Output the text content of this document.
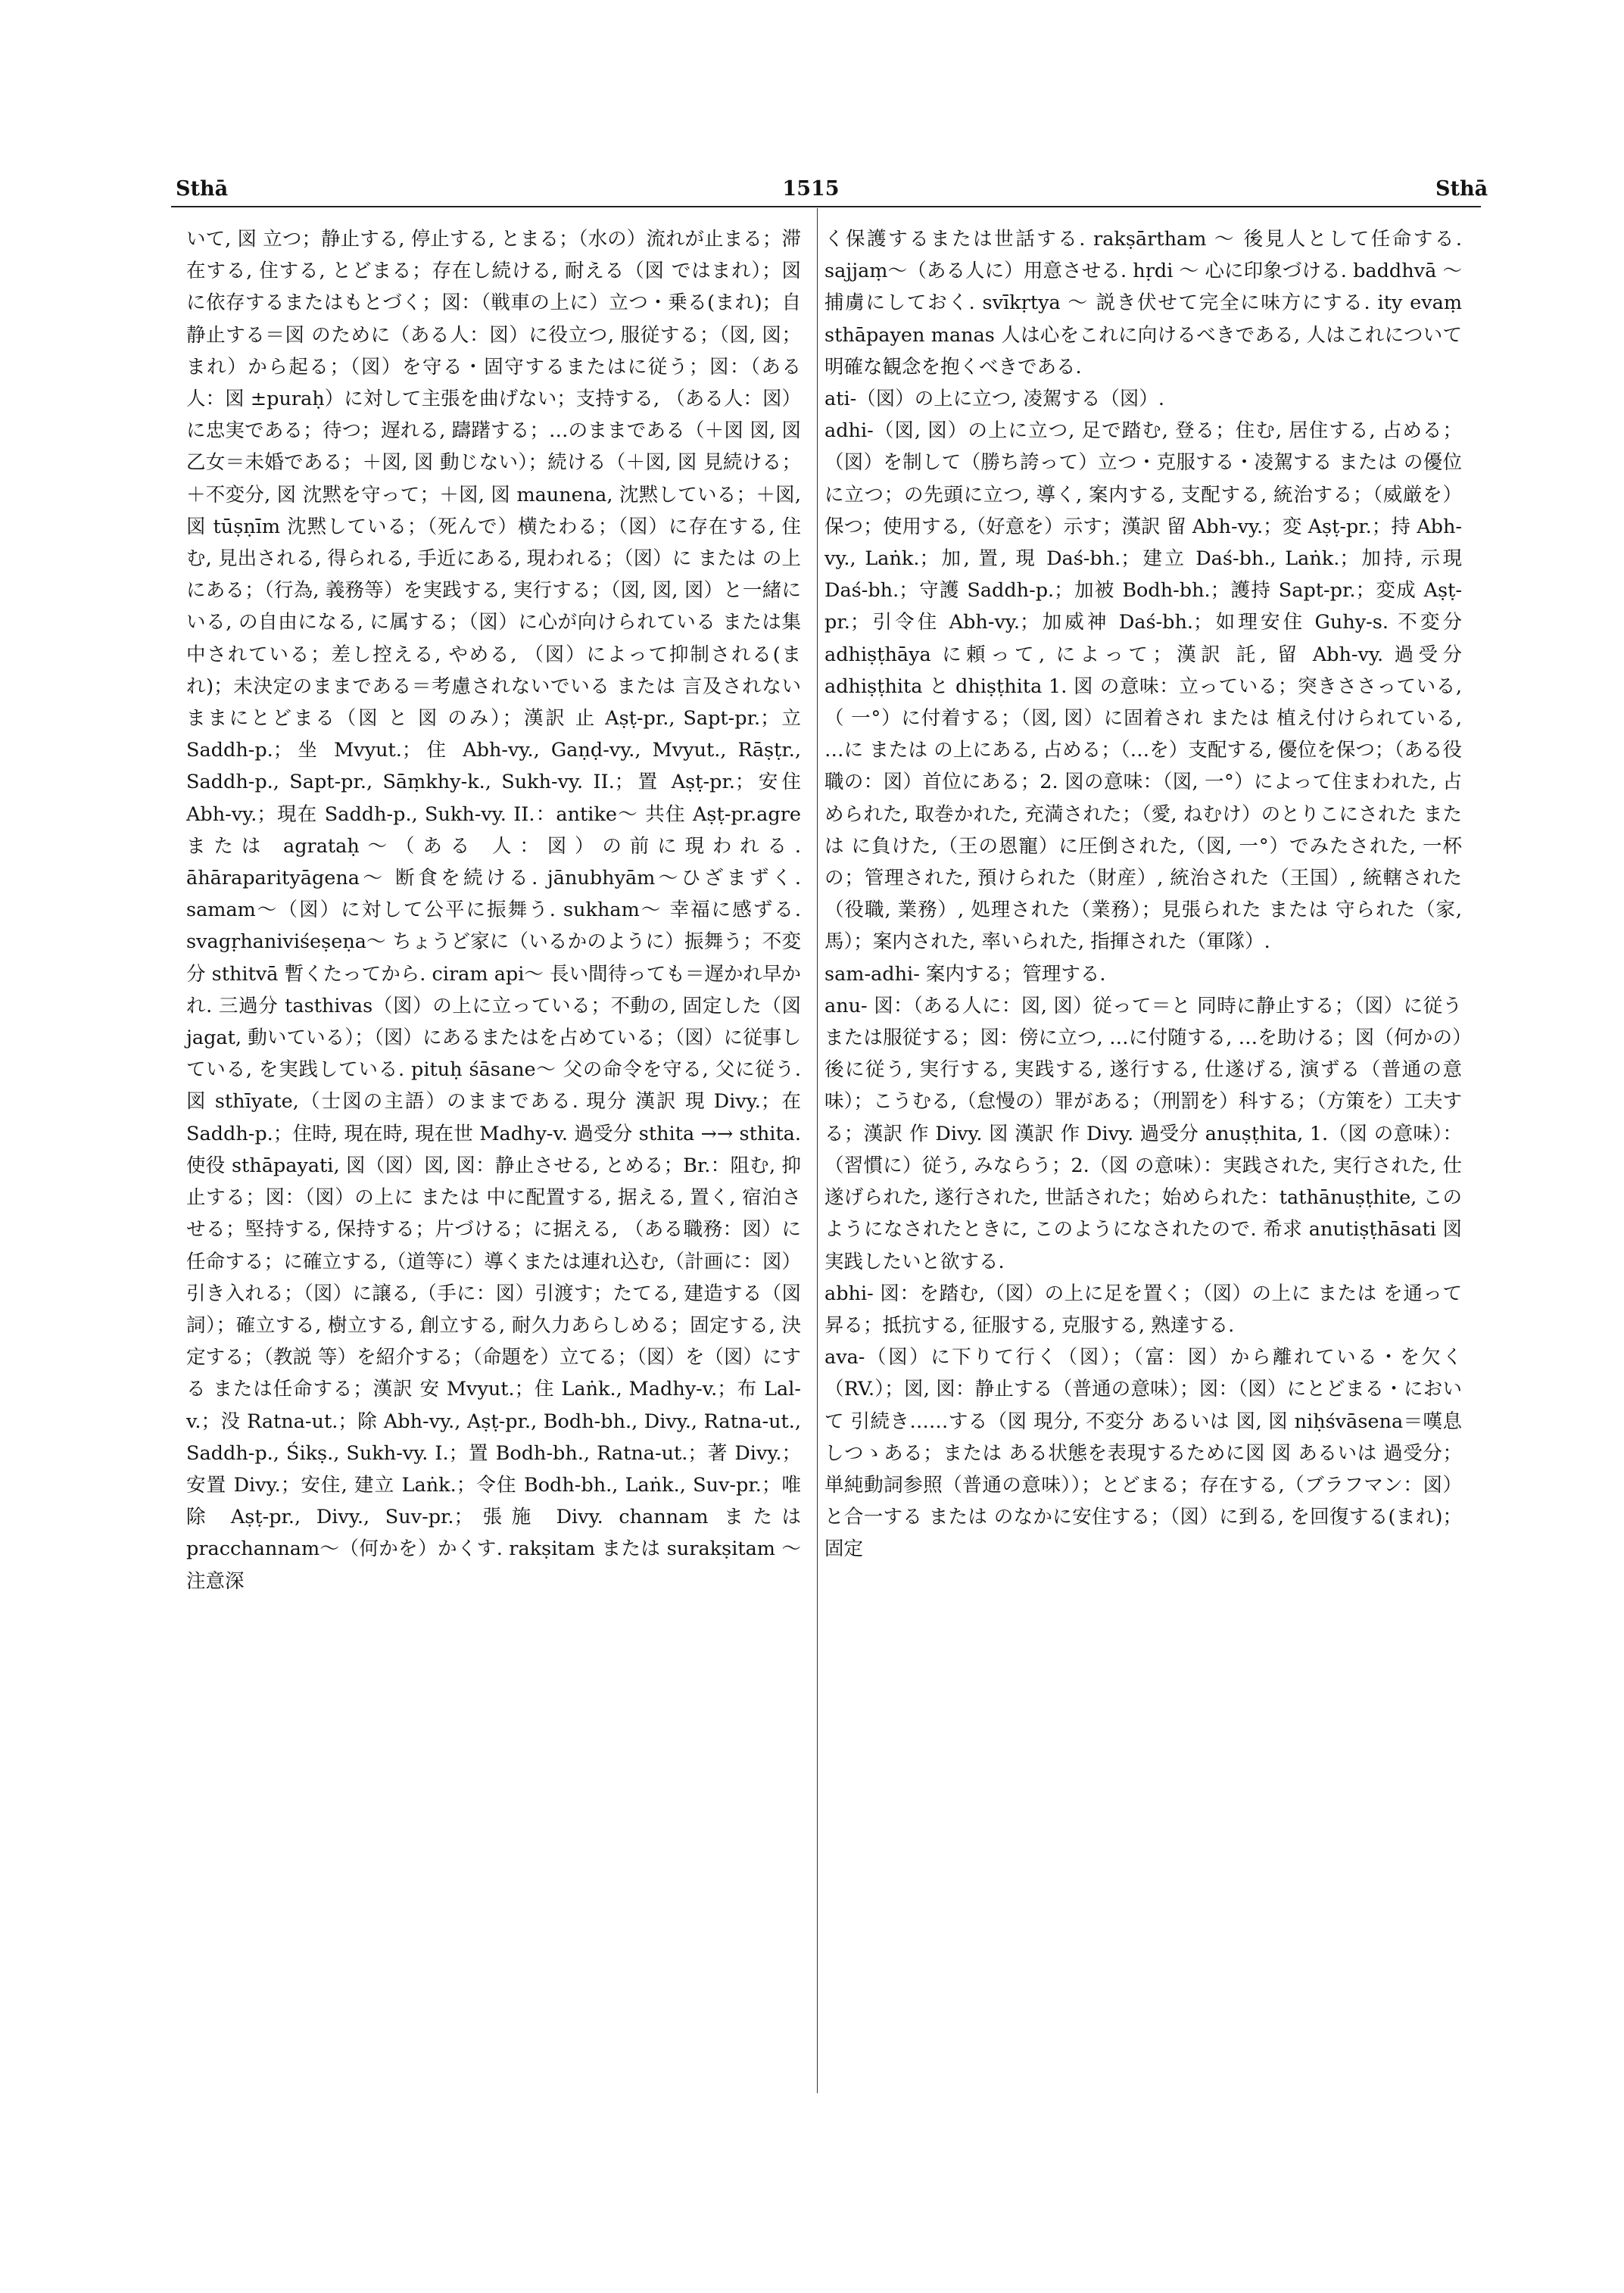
Sthā	1515	Sthā

いて, 図 立つ；静止する, 停止する, とまる；（水の）流れが止まる；滞在する, 住する, とどまる；存在し続ける, 耐える（図 ではまれ）；図 に依存するまたはもとづく；図：（戦車の上に）立つ・乗る(まれ)；自 静止する＝図 のために（ある人：図）に役立つ, 服従する；（図, 図；まれ）から起る；（図）を守る・固守するまたはに従う；図：（ある人：図 ±puraḥ）に対して主張を曲げない；支持する, （ある人：図）に忠実である；待つ；遅れる, 躊躇する；…のままである（＋図 図, 図 乙女＝未婚である；＋図, 図 動じない）；続ける（＋図, 図 見続ける；＋不変分, 図 沈黙を守って；＋図, 図 maunena, 沈黙している；＋図, 図 tūṣṇīm 沈黙している；（死んで）横たわる；（図）に存在する, 住む, 見出される, 得られる, 手近にある, 現われる；（図）に または の上にある；（行為, 義務等）を実践する, 実行する；（図, 図, 図）と一緒にいる, の自由になる, に属する；（図）に心が向けられている または集中されている；差し控える, やめる, （図）によって抑制される(まれ)；未決定のままである＝考慮されないでいる または 言及されないままにとどまる（図 と 図 のみ）；漢訳 止 Aṣṭ-pr., Sapt-pr.；立 Saddh-p.；坐 Mvyut.；住 Abh-vy., Gaṇḍ-vy., Mvyut., Rāṣṭr., Saddh-p., Sapt-pr., Sāṃkhy-k., Sukh-vy. II.；置 Aṣṭ-pr.；安住 Abh-vy.；現在 Saddh-p., Sukh-vy. II.：antike～ 共住 Aṣṭ-pr.agre または agrataḥ～（ある 人：図）の前に現われる. āhāraparityāgena～ 断食を続ける. jānubhyām～ひざまずく. samam～（図）に対して公平に振舞う. sukham～ 幸福に感ずる. svagṛhaniviśeṣeṇa～ ちょうど家に（いるかのように）振舞う；不変分 sthitvā 暫くたってから. ciram api～ 長い間待っても＝遅かれ早かれ. 三過分 tasthivas（図）の上に立っている；不動の, 固定した（図 jagat, 動いている）；（図）にあるまたはを占めている；（図）に従事している, を実践している. pituḥ śāsane～ 父の命令を守る, 父に従う. 図 sthīyate,（士図の主語）のままである. 現分 漢訳 現 Divy.；在 Saddh-p.；住時, 現在時, 現在世 Madhy-v. 過受分 sthita →→ sthita. 使役 sthāpayati, 図（図）図, 図：静止させる, とめる；Br.：阻む, 抑止する；図：（図）の上に または 中に配置する, 据える, 置く, 宿泊させる；堅持する, 保持する；片づける；に据える, （ある職務：図）に任命する；に確立する,（道等に）導くまたは連れ込む,（計画に：図）引き入れる；（図）に譲る,（手に：図）引渡す；たてる, 建造する（図詞）；確立する, 樹立する, 創立する, 耐久力あらしめる；固定する, 決定する；（教説 等）を紹介する；（命題を）立てる；（図）を（図）にする または任命する；漢訳 安 Mvyut.；住 Laṅk., Madhy-v.；布 Lal-v.；没 Ratna-ut.；除 Abh-vy., Aṣṭ-pr., Bodh-bh., Divy., Ratna-ut., Saddh-p., Śikṣ., Sukh-vy. I.；置 Bodh-bh., Ratna-ut.；著 Divy.；安置 Divy.；安住, 建立 Laṅk.；令住 Bodh-bh., Laṅk., Suv-pr.；唯除 Aṣṭ-pr., Divy., Suv-pr.；張施 Divy. channam または pracchannam～（何かを）かくす. rakṣitam または surakṣitam ～ 注意深

く保護するまたは世話する. rakṣārtham ～ 後見人として任命する. sajjaṃ～（ある人に）用意させる. hṛdi ～ 心に印象づける. baddhvā ～ 捕虜にしておく. svīkṛtya ～ 説き伏せて完全に味方にする. ity evaṃ sthāpayen manas 人は心をこれに向けるべきである, 人はこれについて明確な観念を抱くべきである.

ati-（図）の上に立つ, 凌駕する（図）.

adhi-（図, 図）の上に立つ, 足で踏む, 登る；住む, 居住する, 占める；（図）を制して（勝ち誇って）立つ・克服する・凌駕する または の優位に立つ；の先頭に立つ, 導く, 案内する, 支配する, 統治する；（威厳を）保つ；使用する,（好意を）示す；漢訳 留 Abh-vy.；変 Aṣṭ-pr.；持 Abh-vy., Laṅk.；加, 置, 現 Daś-bh.；建立 Daś-bh., Laṅk.；加持, 示現 Daś-bh.；守護 Saddh-p.；加被 Bodh-bh.；護持 Sapt-pr.；変成 Aṣṭ-pr.；引令住 Abh-vy.；加威神 Daś-bh.；如理安住 Guhy-s. 不変分 adhiṣṭhāya に頼って, によって；漢訳 託, 留 Abh-vy. 過受分 adhiṣṭhita と dhiṣṭhita 1. 図 の意味：立っている；突きささっている,（ 一°）に付着する；（図, 図）に固着され または 植え付けられている, …に または の上にある, 占める；（…を）支配する, 優位を保つ；（ある役職の：図）首位にある；2. 図の意味：（図, 一°）によって住まわれた, 占められた, 取巻かれた, 充満された；（愛, ねむけ）のとりこにされた または に負けた,（王の恩寵）に圧倒された,（図, 一°）でみたされた, 一杯の；管理された, 預けられた（財産）, 統治された（王国）, 統轄された（役職, 業務）, 処理された（業務）；見張られた または 守られた（家, 馬）；案内された, 率いられた, 指揮された（軍隊）.

sam-adhi- 案内する；管理する.

anu- 図：（ある人に：図, 図）従って＝と 同時に静止する；（図）に従うまたは服従する；図：傍に立つ, …に付随する, …を助ける；図（何かの）後に従う, 実行する, 実践する, 遂行する, 仕遂げる, 演ずる（普通の意味）；こうむる,（怠慢の）罪がある；（刑罰を）科する；（方策を）工夫する；漢訳 作 Divy. 図 漢訳 作 Divy. 過受分 anuṣṭhita, 1.（図 の意味）：（習慣に）従う, みならう；2.（図 の意味）：実践された, 実行された, 仕遂げられた, 遂行された, 世話された；始められた：tathānuṣṭhite, このようになされたときに, このようになされたので. 希求 anutiṣṭhāsati 図 実践したいと欲する.

abhi- 図：を踏む,（図）の上に足を置く；（図）の上に または を通って昇る；抵抗する, 征服する, 克服する, 熟達する.

ava-（図）に下りて行く（図）；（富：図）から離れている・を欠く（RV.）；図, 図：静止する（普通の意味）；図：（図）にとどまる・において 引続き……する（図 現分, 不変分 あるいは 図, 図 niḥśvāsena＝嘆息しつゝある；または ある状態を表現するために図 図 あるいは 過受分；単純動詞参照（普通の意味））；とどまる；存在する,（ブラフマン：図）と合一する または のなかに安住する；（図）に到る, を回復する(まれ)；固定
